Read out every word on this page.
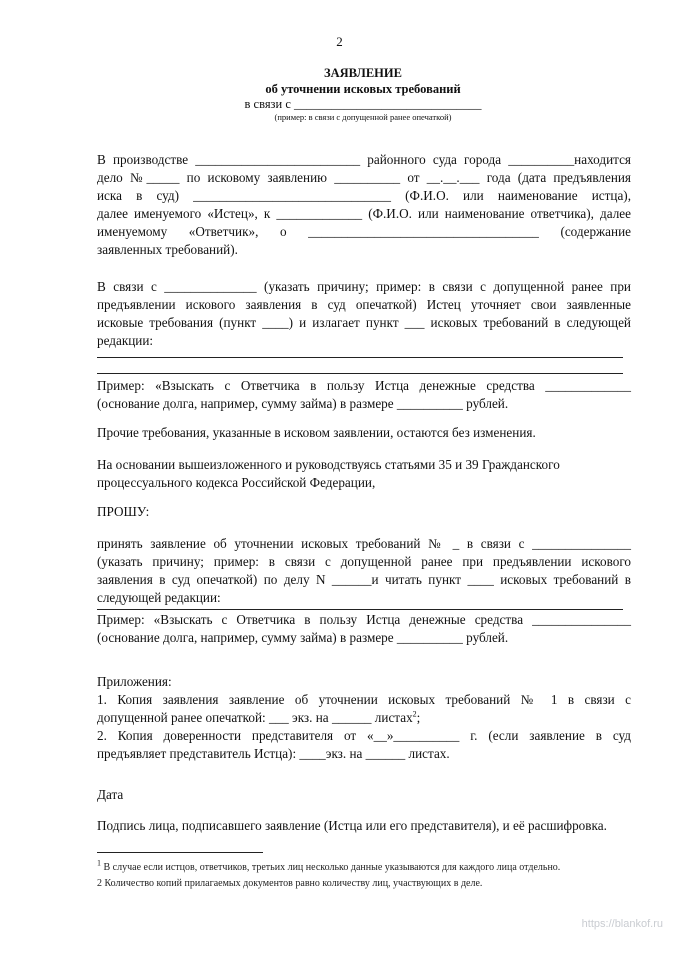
2
ЗАЯВЛЕНИЕ
об уточнении исковых требований
в связи с ______________________________
(пример: в связи с допущенной ранее опечаткой)
В производстве _________________________ районного суда города __________находится
дело №_____ по исковому заявлению __________ от __.__.___ года (дата предъявления
иска в суд) ______________________________ (Ф.И.О. или наименование истца),
далее именуемого «Истец», к _____________ (Ф.И.О. или наименование ответчика), далее
именуемому «Ответчик», о ___________________________________ (содержание
заявленных требований).
В связи с ______________ (указать причину; пример: в связи с допущенной ранее при
предъявлении искового заявления в суд опечаткой) Истец уточняет свои заявленные
исковые требования (пункт ____) и излагает пункт ___ исковых требований в следующей
редакции:
Пример: «Взыскать с Ответчика в пользу Истца денежные средства _____________
(основание долга, например, сумму займа) в размере __________ рублей.
Прочие требования, указанные в исковом заявлении, остаются без изменения.
На основании вышеизложенного и руководствуясь статьями 35 и 39 Гражданского
процессуального кодекса Российской Федерации,
ПРОШУ:
принять заявление об уточнении исковых требований № _ в связи с _______________
(указать причину; пример: в связи с допущенной ранее при предъявлении искового
заявления в суд опечаткой) по делу N ______и читать пункт ____ исковых требований в
следующей редакции:
Пример: «Взыскать с Ответчика в пользу Истца денежные средства _______________
(основание долга, например, сумму займа) в размере __________ рублей.
Приложения:
1. Копия заявления заявление об уточнении исковых требований № 1 в связи с
допущенной ранее опечаткой: ___ экз. на ______ листах$^2$;
2. Копия доверенности представителя от «__»__________ г. (если заявление в суд
предъявляет представитель Истца): ____экз. на ______ листах.
Дата
Подпись лица, подписавшего заявление (Истца или его представителя), и её расшифровка.
$^1$ В случае если истцов, ответчиков, третьих лиц несколько данные указываются для каждого лица отдельно.
2 Количество копий прилагаемых документов равно количеству лиц, участвующих в деле.
https://blankof.ru
